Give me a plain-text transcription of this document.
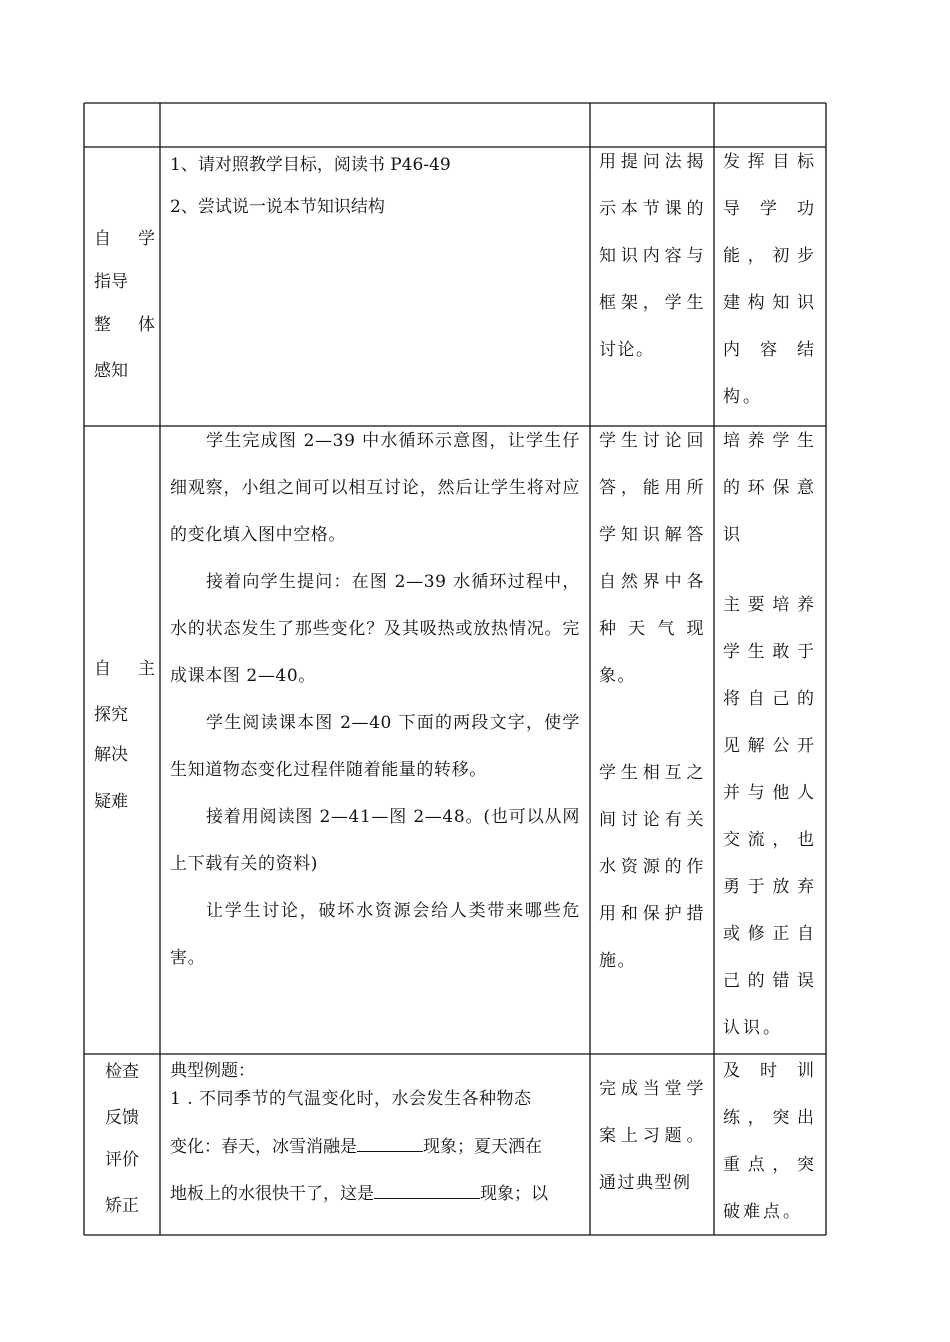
自学
指导
整体
感知
1、请对照教学目标，阅读书 P46-49
2、尝试说一说本节知识结构
用提问法揭示本节课的知识内容与框架，学生讨论。
发挥目标导学功能，初步建构知识内容结构。
自主
探究
解决
疑难

学生完成图 2—39 中水循环示意图，让学生仔细观察，小组之间可以相互讨论，然后让学生将对应的变化填入图中空格。

接着向学生提问：在图 2—39 水循环过程中，水的状态发生了那些变化？及其吸热或放热情况。完成课本图 2—40。

学生阅读课本图 2—40 下面的两段文字，使学生知道物态变化过程伴随着能量的转移。

接着用阅读图 2—41—图 2—48。(也可以从网上下载有关的资料)

让学生讨论，破坏水资源会给人类带来哪些危害。

学生讨论回答，能用所学知识解答自然界中各种天气现象。
学生相互之间讨论有关水资源的作用和保护措施。
培养学生的环保意识
主要培养学生敢于将自己的见解公开并与他人交流，也勇于放弃或修正自己的错误认识。
检查
反馈
评价
矫正
典型例题：
1 . 不同季节的气温变化时，水会发生各种物态
变化：春天，冰雪消融是	现象；夏天洒在
地板上的水很快干了，这是	现象；以
完成当堂学案上习题。通过典型例
及时训练，突出重点，突破难点。
